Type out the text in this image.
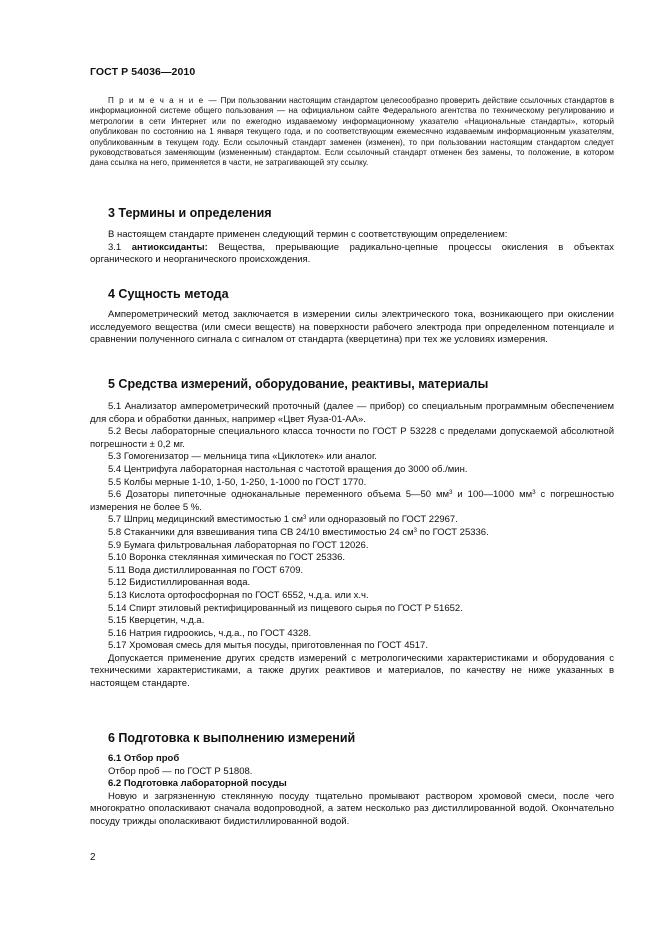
ГОСТ Р 54036—2010

П р и м е ч а н и е — При пользовании настоящим стандартом целесообразно проверить действие ссылочных стандартов в информационной системе общего пользования — на официальном сайте Федерального агентства по техническому регулированию и метрологии в сети Интернет или по ежегодно издаваемому информационному указателю «Национальные стандарты», который опубликован по состоянию на 1 января текущего года, и по соответствующим ежемесячно издаваемым информационным указателям, опубликованным в текущем году. Если ссылочный стандарт заменен (изменен), то при пользовании настоящим стандартом следует руководствоваться заменяющим (измененным) стандартом. Если ссылочный стандарт отменен без замены, то положение, в котором дана ссылка на него, применяется в части, не затрагивающей эту ссылку.

3 Термины и определения

В настоящем стандарте применен следующий термин с соответствующим определением:

3.1 антиоксиданты: Вещества, прерывающие радикально-цепные процессы окисления в объектах органического и неорганического происхождения.

4 Сущность метода

Амперометрический метод заключается в измерении силы электрического тока, возникающего при окислении исследуемого вещества (или смеси веществ) на поверхности рабочего электрода при определенном потенциале и сравнении полученного сигнала с сигналом от стандарта (кверцетина) при тех же условиях измерения.

5 Средства измерений, оборудование, реактивы, материалы

5.1 Анализатор амперометрический проточный (далее — прибор) со специальным программным обеспечением для сбора и обработки данных, например «Цвет Яуза-01-АА».

5.2 Весы лабораторные специального класса точности по ГОСТ Р 53228 с пределами допускаемой абсолютной погрешности ± 0,2 мг.

5.3 Гомогенизатор — мельница типа «Циклотек» или аналог.

5.4 Центрифуга лабораторная настольная с частотой вращения до 3000 об./мин.

5.5 Колбы мерные 1-10, 1-50, 1-250, 1-1000 по ГОСТ 1770.

5.6 Дозаторы пипеточные одноканальные переменного объема 5—50 $мм^3$ и 100—1000 $мм^3$ с погрешностью измерения не более 5 %.

5.7 Шприц медицинский вместимостью 1 $см^3$ или одноразовый по ГОСТ 22967.

5.8 Стаканчики для взвешивания типа СВ 24/10 вместимостью 24 $см^3$ по ГОСТ 25336.

5.9 Бумага фильтровальная лабораторная по ГОСТ 12026.

5.10 Воронка стеклянная химическая по ГОСТ 25336.

5.11 Вода дистиллированная по ГОСТ 6709.

5.12 Бидистиллированная вода.

5.13 Кислота ортофосфорная по ГОСТ 6552, ч.д.а. или х.ч.

5.14 Спирт этиловый ректифицированный из пищевого сырья по ГОСТ Р 51652.

5.15 Кверцетин, ч.д.а.

5.16 Натрия гидроокись, ч.д.а., по ГОСТ 4328.

5.17 Хромовая смесь для мытья посуды, приготовленная по ГОСТ 4517.

Допускается применение других средств измерений с метрологическими характеристиками и оборудования с техническими характеристиками, а также других реактивов и материалов, по качеству не ниже указанных в настоящем стандарте.

6 Подготовка к выполнению измерений

6.1 Отбор проб

Отбор проб — по ГОСТ Р 51808.

6.2 Подготовка лабораторной посуды

Новую и загрязненную стеклянную посуду тщательно промывают раствором хромовой смеси, после чего многократно ополаскивают сначала водопроводной, а затем несколько раз дистиллированной водой. Окончательно посуду трижды ополаскивают бидистиллированной водой.

2
